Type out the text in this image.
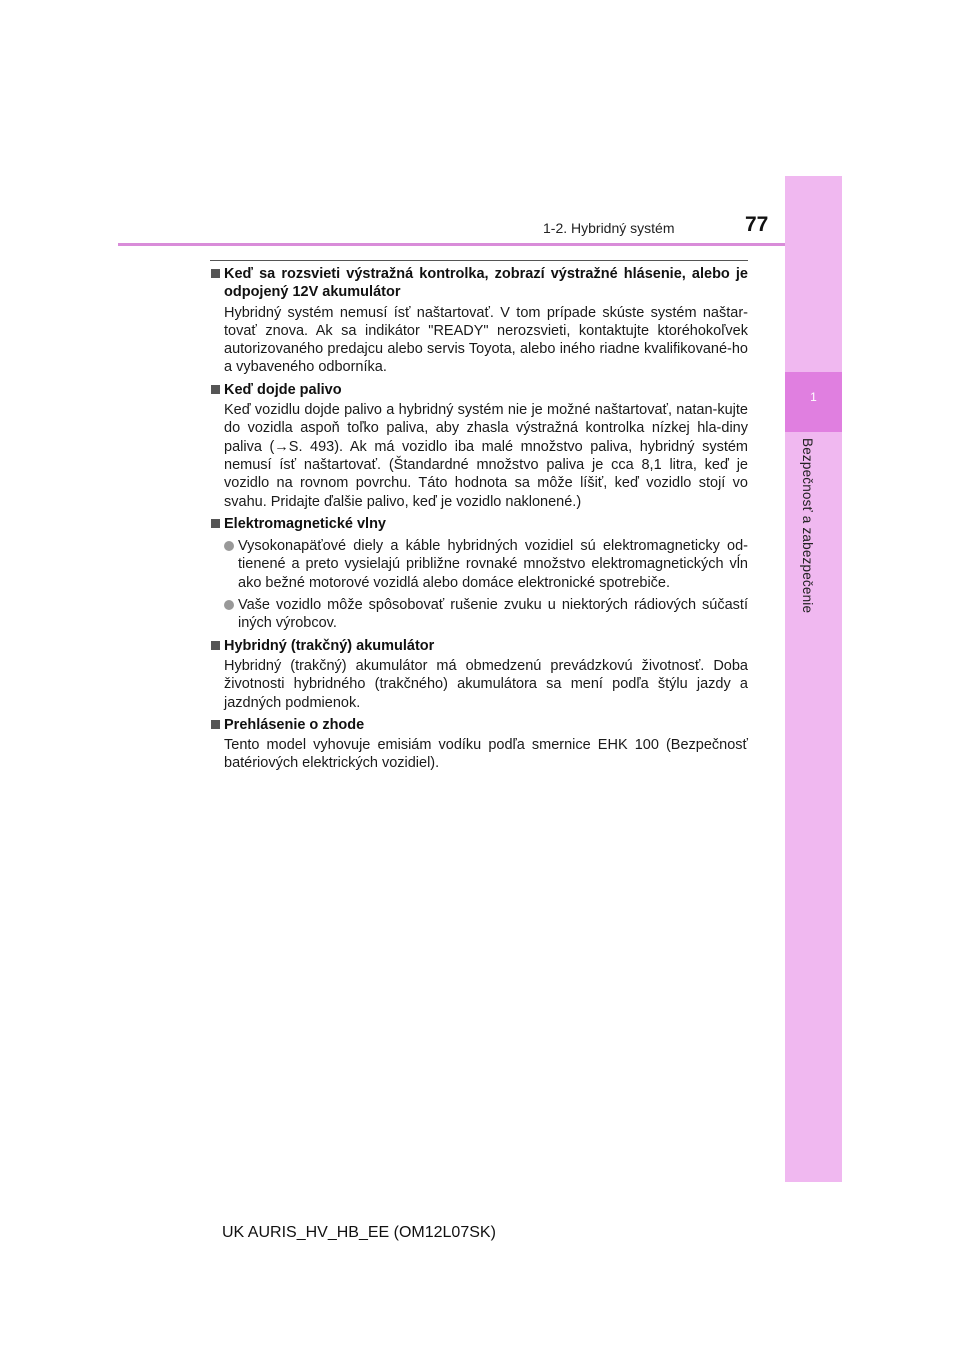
1
Bezpečnosť a zabezpečenie
1-2. Hybridný systém	77
Keď sa rozsvieti výstražná kontrolka, zobrazí výstražné hlásenie, alebo je odpojený 12V akumulátor
Hybridný systém nemusí ísť naštartovať. V tom prípade skúste systém naštar-tovať znova. Ak sa indikátor "READY" nerozsvieti, kontaktujte ktoréhokoľvek autorizovaného predajcu alebo servis Toyota, alebo iného riadne kvalifikované-ho a vybaveného odborníka.
Keď dojde palivo
Keď vozidlu dojde palivo a hybridný systém nie je možné naštartovať, natan-kujte do vozidla aspoň toľko paliva, aby zhasla výstražná kontrolka nízkej hla-diny paliva (→S. 493). Ak má vozidlo iba malé množstvo paliva, hybridný systém nemusí ísť naštartovať. (Štandardné množstvo paliva je cca 8,1 litra, keď je vozidlo na rovnom povrchu. Táto hodnota sa môže líšiť, keď vozidlo stojí vo svahu. Pridajte ďalšie palivo, keď je vozidlo naklonené.)
Elektromagnetické vlny
Vysokonapäťové diely a káble hybridných vozidiel sú elektromagneticky od-tienené a preto vysielajú približne rovnaké množstvo elektromagnetických vĺn ako bežné motorové vozidlá alebo domáce elektronické spotrebiče.
Vaše vozidlo môže spôsobovať rušenie zvuku u niektorých rádiových súčastí iných výrobcov.
Hybridný (trakčný) akumulátor
Hybridný (trakčný) akumulátor má obmedzenú prevádzkovú životnosť. Doba životnosti hybridného (trakčného) akumulátora sa mení podľa štýlu jazdy a jazdných podmienok.
Prehlásenie o zhode
Tento model vyhovuje emisiám vodíku podľa smernice EHK 100 (Bezpečnosť batériových elektrických vozidiel).
UK AURIS_HV_HB_EE (OM12L07SK)
